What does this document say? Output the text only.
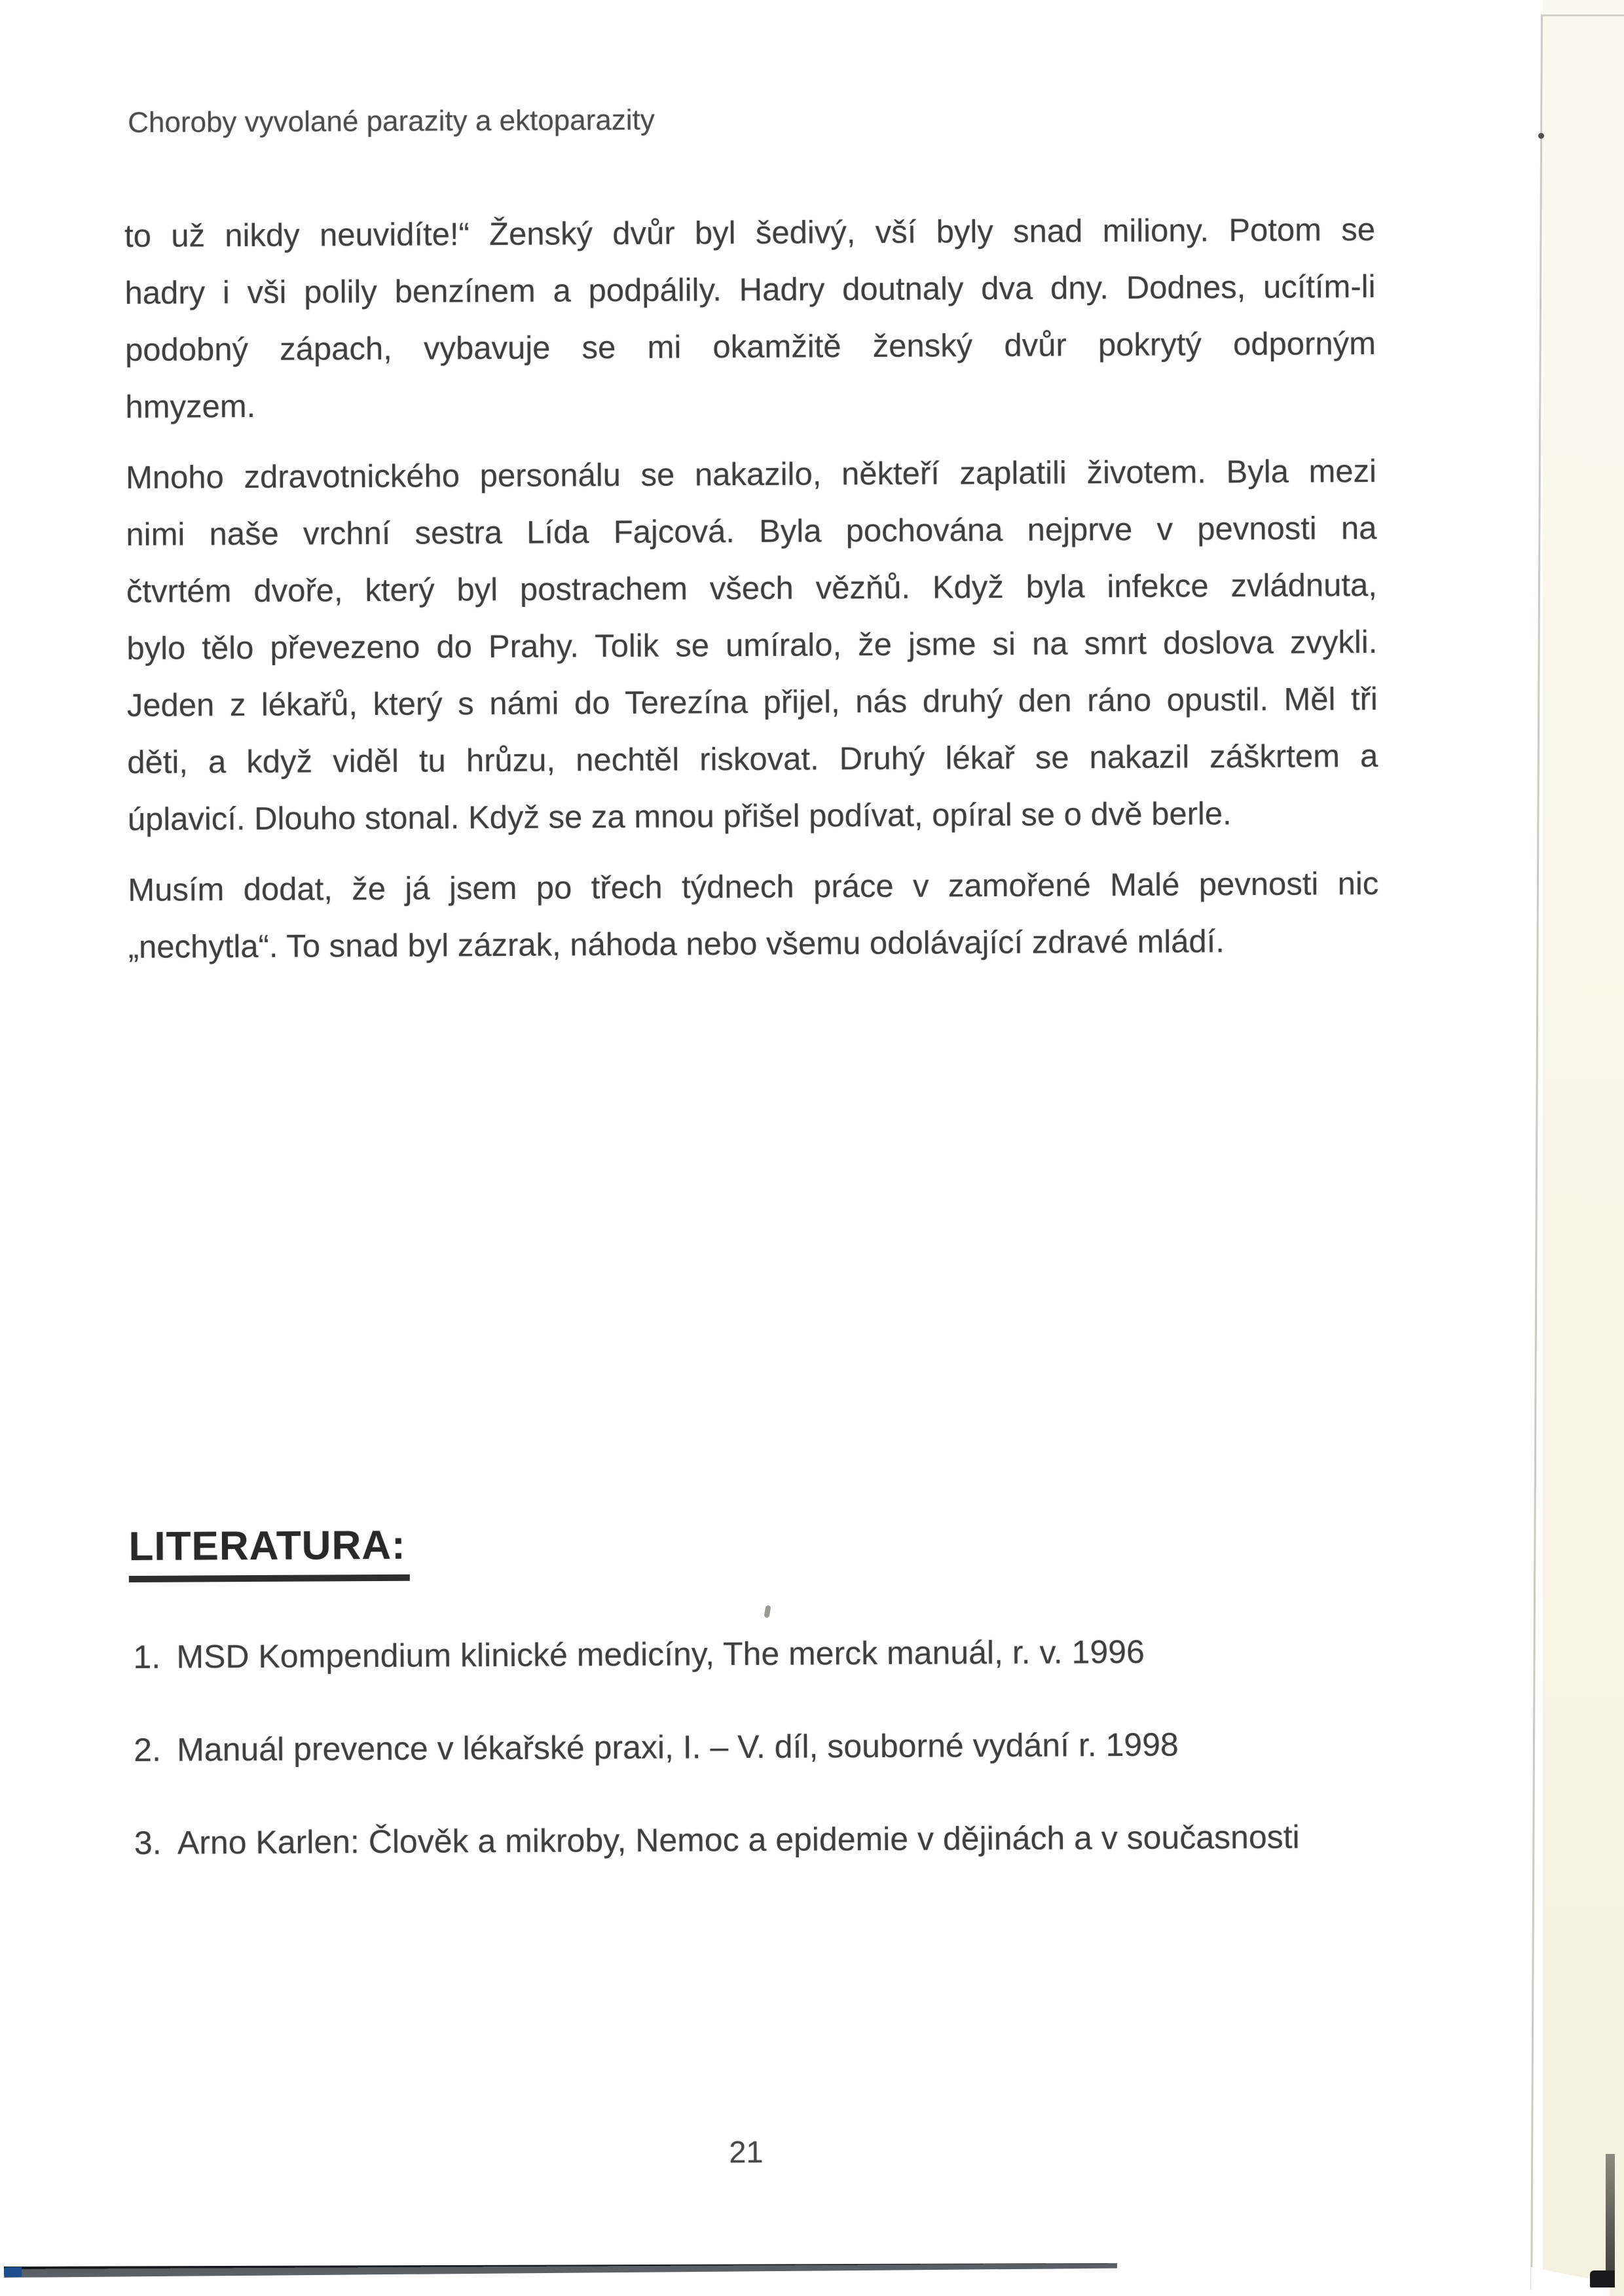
Choroby vyvolané parazity a ektoparazity
to už nikdy neuvidíte!“ Ženský dvůr byl šedivý, vší byly snad miliony. Potom se
hadry i vši polily benzínem a podpálily. Hadry doutnaly dva dny. Dodnes, ucítím-li
podobný zápach, vybavuje se mi okamžitě ženský dvůr pokrytý odporným
hmyzem.
Mnoho zdravotnického personálu se nakazilo, někteří zaplatili životem. Byla mezi
nimi naše vrchní sestra Lída Fajcová. Byla pochována nejprve v pevnosti na
čtvrtém dvoře, který byl postrachem všech vězňů. Když byla infekce zvládnuta,
bylo tělo převezeno do Prahy. Tolik se umíralo, že jsme si na smrt doslova zvykli.
Jeden z lékařů, který s námi do Terezína přijel, nás druhý den ráno opustil. Měl tři
děti, a když viděl tu hrůzu, nechtěl riskovat. Druhý lékař se nakazil záškrtem a
úplavicí. Dlouho stonal. Když se za mnou přišel podívat, opíral se o dvě berle.
Musím dodat, že já jsem po třech týdnech práce v zamořené Malé pevnosti nic
„nechytla“. To snad byl zázrak, náhoda nebo všemu odolávající zdravé mládí.
LITERATURA:
1. MSD Kompendium klinické medicíny, The merck manuál, r. v. 1996
2. Manuál prevence v lékařské praxi, I. – V. díl, souborné vydání r. 1998
3. Arno Karlen: Člověk a mikroby, Nemoc a epidemie v dějinách a v současnosti
21
